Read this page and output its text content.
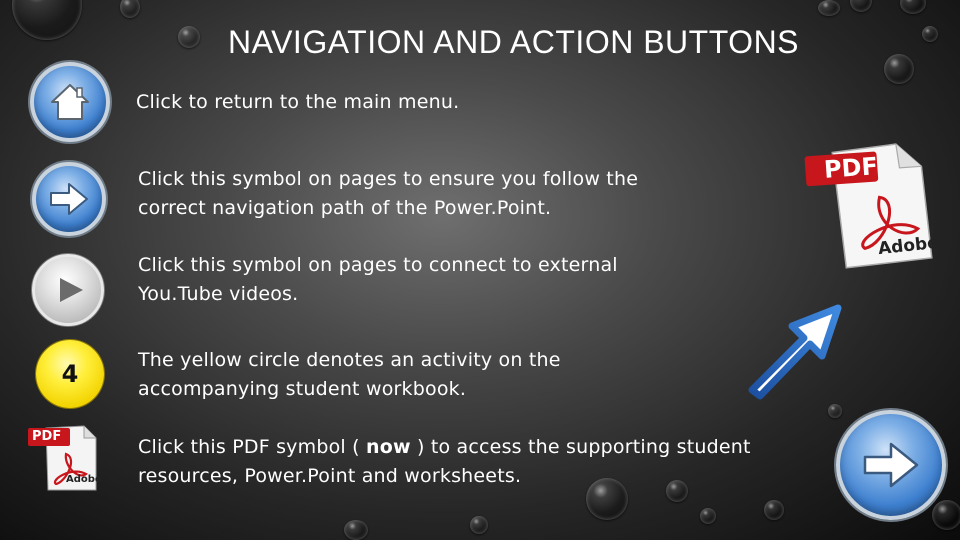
NAVIGATION AND ACTION BUTTONS
Click to return to the main menu.
Click this symbol on pages to ensure you follow the
correct navigation path of the Power.Point.
Click this symbol on pages to connect to external
You.Tube videos.
4	The yellow circle denotes an activity on the
accompanying student workbook.
PDF
Adobe
Click this PDF symbol ( now ) to access the supporting student
resources, Power.Point and worksheets.
PDF
Adobe
